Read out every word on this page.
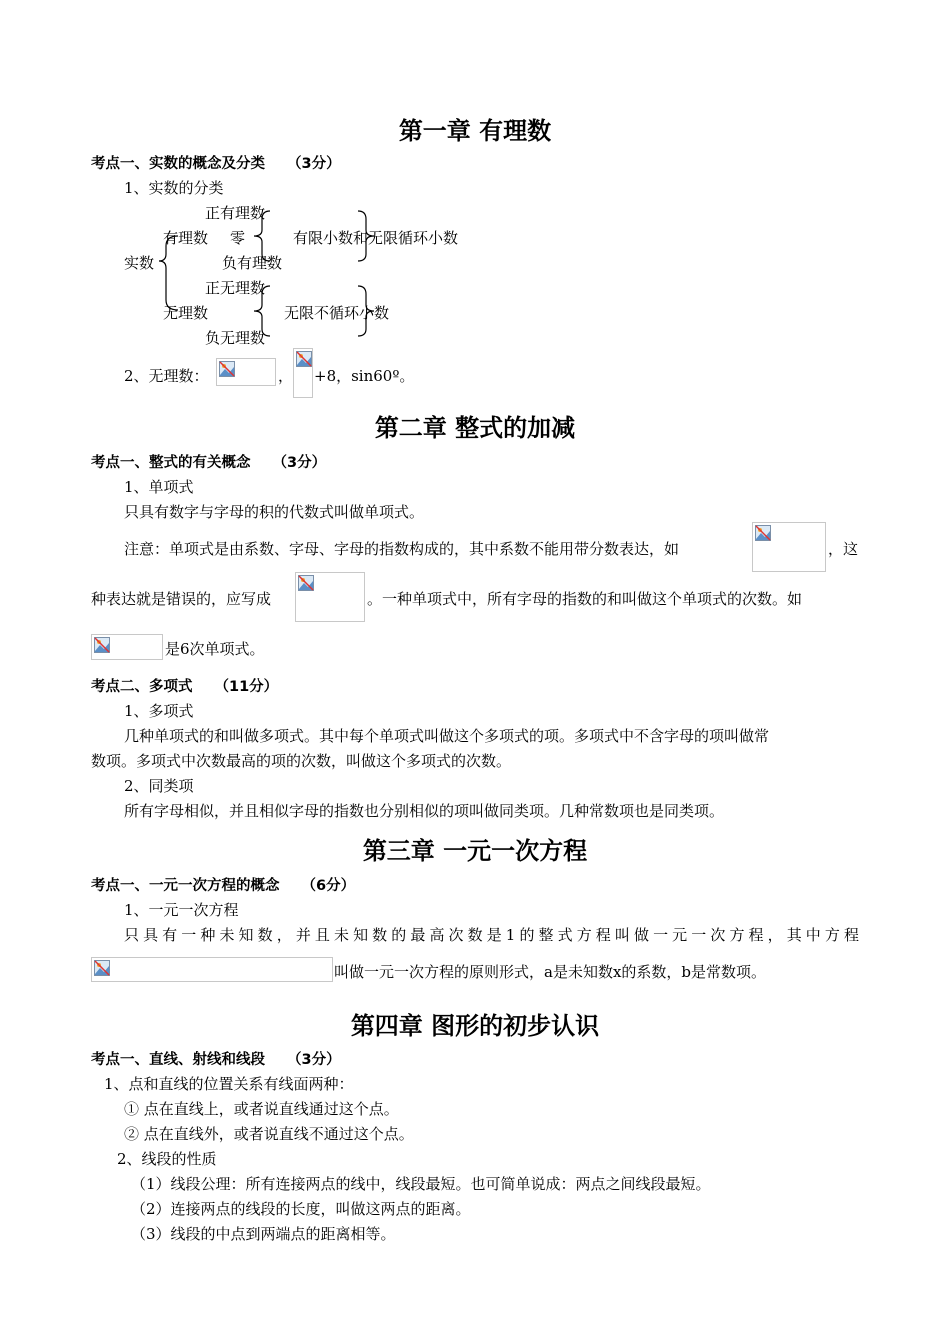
第一章 有理数
考点一、实数的概念及分类 （3分）
1、实数的分类
正有理数
有理数 零	有限小数和无限循环小数
负有理数
实数
正无理数
无理数	无限不循环小数
负无理数
2、无理数：	， +8，sin60º。
第二章 整式的加减
考点一、整式的有关概念 （3分）
1、单项式
只具有数字与字母的积的代数式叫做单项式。
注意：单项式是由系数、字母、字母的指数构成的，其中系数不能用带分数表达，如	，这
种表达就是错误的，应写成	。一种单项式中，所有字母的指数的和叫做这个单项式的次数。如
是6次单项式。
考点二、多项式 （11分）
1、多项式
几种单项式的和叫做多项式。其中每个单项式叫做这个多项式的项。多项式中不含字母的项叫做常
数项。多项式中次数最高的项的次数，叫做这个多项式的次数。
2、同类项
所有字母相似，并且相似字母的指数也分别相似的项叫做同类项。几种常数项也是同类项。
第三章 一元一次方程
考点一、一元一次方程的概念 （6分）
1、一元一次方程
只具有一种未知数，并且未知数的最高次数是1的整式方程叫做一元一次方程，其中方程
叫做一元一次方程的原则形式，a是未知数x的系数，b是常数项。
第四章 图形的初步认识
考点一、直线、射线和线段 （3分）
1、点和直线的位置关系有线面两种：
① 点在直线上，或者说直线通过这个点。
② 点在直线外，或者说直线不通过这个点。
2、线段的性质
（1）线段公理：所有连接两点的线中，线段最短。也可简单说成：两点之间线段最短。
（2）连接两点的线段的长度，叫做这两点的距离。
（3）线段的中点到两端点的距离相等。
